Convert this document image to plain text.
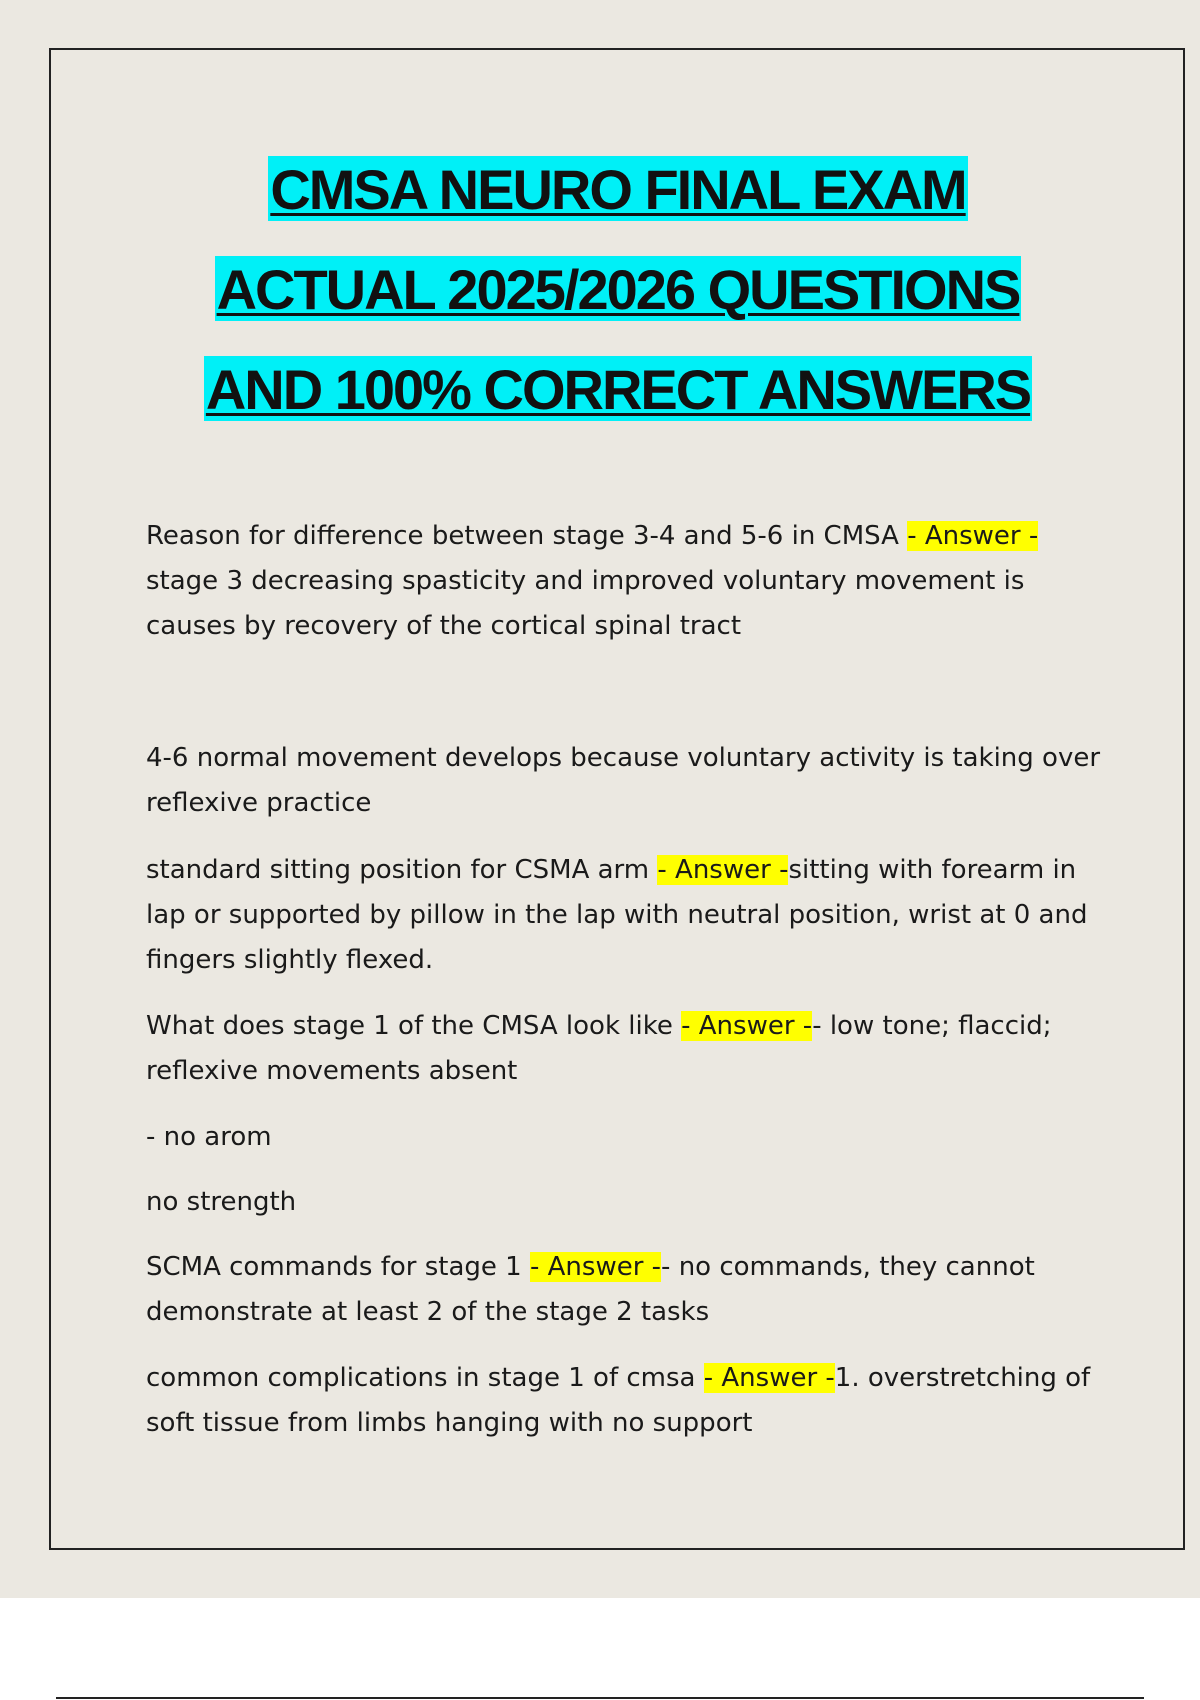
CMSA NEURO FINAL EXAM
ACTUAL 2025/2026 QUESTIONS
AND 100% CORRECT ANSWERS
Reason for difference between stage 3-4 and 5-6 in CMSA - Answer - stage 3 decreasing spasticity and improved voluntary movement is causes by recovery of the cortical spinal tract
4-6 normal movement develops because voluntary activity is taking over reflexive practice
standard sitting position for CSMA arm - Answer -sitting with forearm in lap or supported by pillow in the lap with neutral position, wrist at 0 and fingers slightly flexed.
What does stage 1 of the CMSA look like - Answer -- low tone; flaccid; reflexive movements absent
- no arom
no strength
SCMA commands for stage 1 - Answer -- no commands, they cannot demonstrate at least 2 of the stage 2 tasks
common complications in stage 1 of cmsa - Answer -1. overstretching of soft tissue from limbs hanging with no support
